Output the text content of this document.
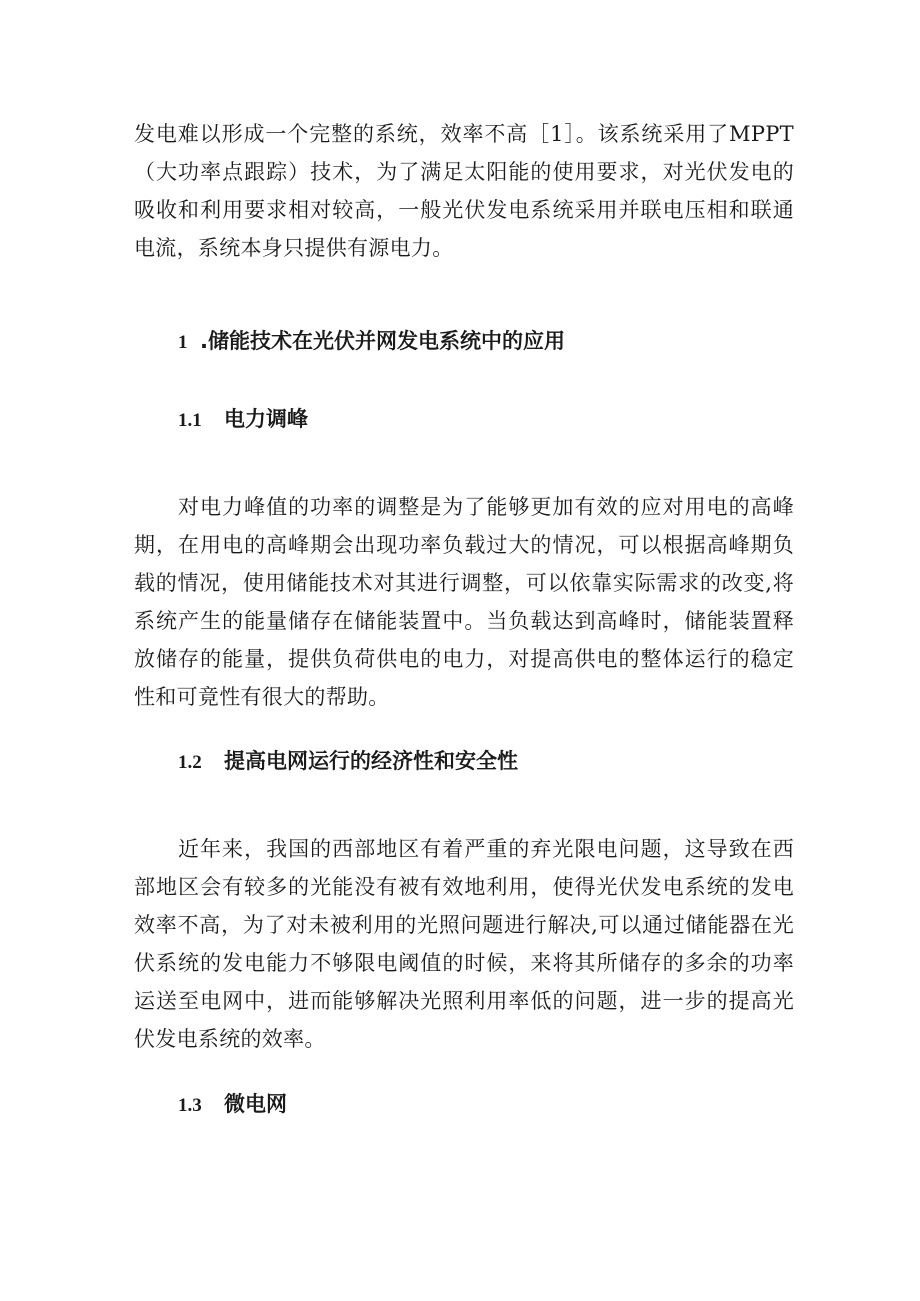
发电难以形成一个完整的系统，效率不高［1］。该系统采用了MPPT（大功率点跟踪）技术，为了满足太阳能的使用要求，对光伏发电的吸收和利用要求相对较高，一般光伏发电系统采用并联电压相和联通电流，系统本身只提供有源电力。

1 .储能技术在光伏并网发电系统中的应用
1.1 电力调峰

对电力峰值的功率的调整是为了能够更加有效的应对用电的高峰期，在用电的高峰期会出现功率负载过大的情况，可以根据高峰期负载的情况，使用储能技术对其进行调整，可以依靠实际需求的改变,将系统产生的能量储存在储能装置中。当负载达到高峰时，储能装置释放储存的能量，提供负荷供电的电力，对提高供电的整体运行的稳定性和可竟性有很大的帮助。

1.2 提高电网运行的经济性和安全性

近年来，我国的西部地区有着严重的弃光限电问题，这导致在西部地区会有较多的光能没有被有效地利用，使得光伏发电系统的发电效率不高，为了对未被利用的光照问题进行解决,可以通过储能器在光伏系统的发电能力不够限电阈值的时候，来将其所储存的多余的功率运送至电网中，进而能够解决光照利用率低的问题，进一步的提高光伏发电系统的效率。

1.3 微电网
